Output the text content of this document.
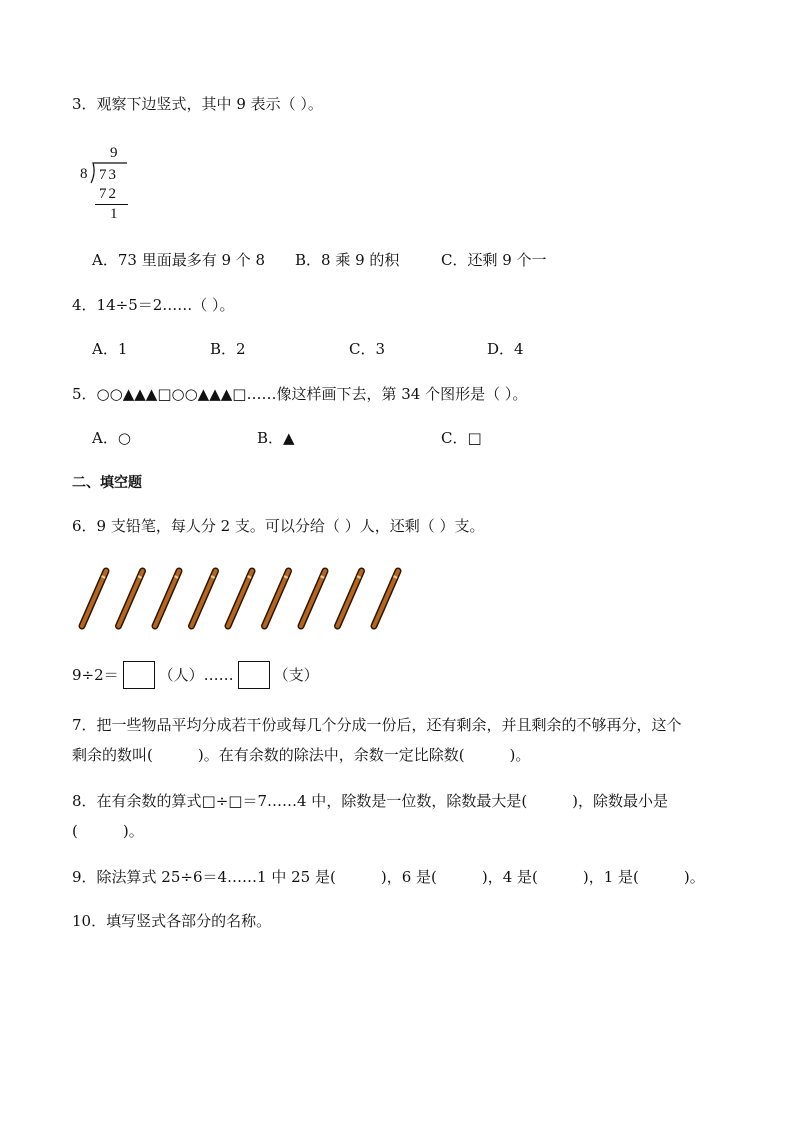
3．观察下边竖式，其中 9 表示（ ）。
9
8 73
72
1
A．73 里面最多有 9 个 8 B．8 乘 9 的积	C．还剩 9 个一
4．14÷5＝2……（ ）。
A．1	B．2	C．3	D．4
5．○○▲▲▲□○○▲▲▲□……像这样画下去，第 34 个图形是（ ）。
A．○	B．▲	C．□
二、填空题
6．9 支铅笔，每人分 2 支。可以分给（ ）人，还剩（ ）支。
9÷2＝	（人）……	（支）
7．把一些物品平均分成若干份或每几个分成一份后，还有剩余，并且剩余的不够再分，这个
剩余的数叫(　　　)。在有余数的除法中，余数一定比除数(　　　)。
8．在有余数的算式□÷□＝7……4 中，除数是一位数，除数最大是(　　　)，除数最小是
(　　　)。
9．除法算式 25÷6＝4……1 中 25 是(　　　)，6 是(　　　)，4 是(　　　)，1 是(　　　)。
10．填写竖式各部分的名称。
